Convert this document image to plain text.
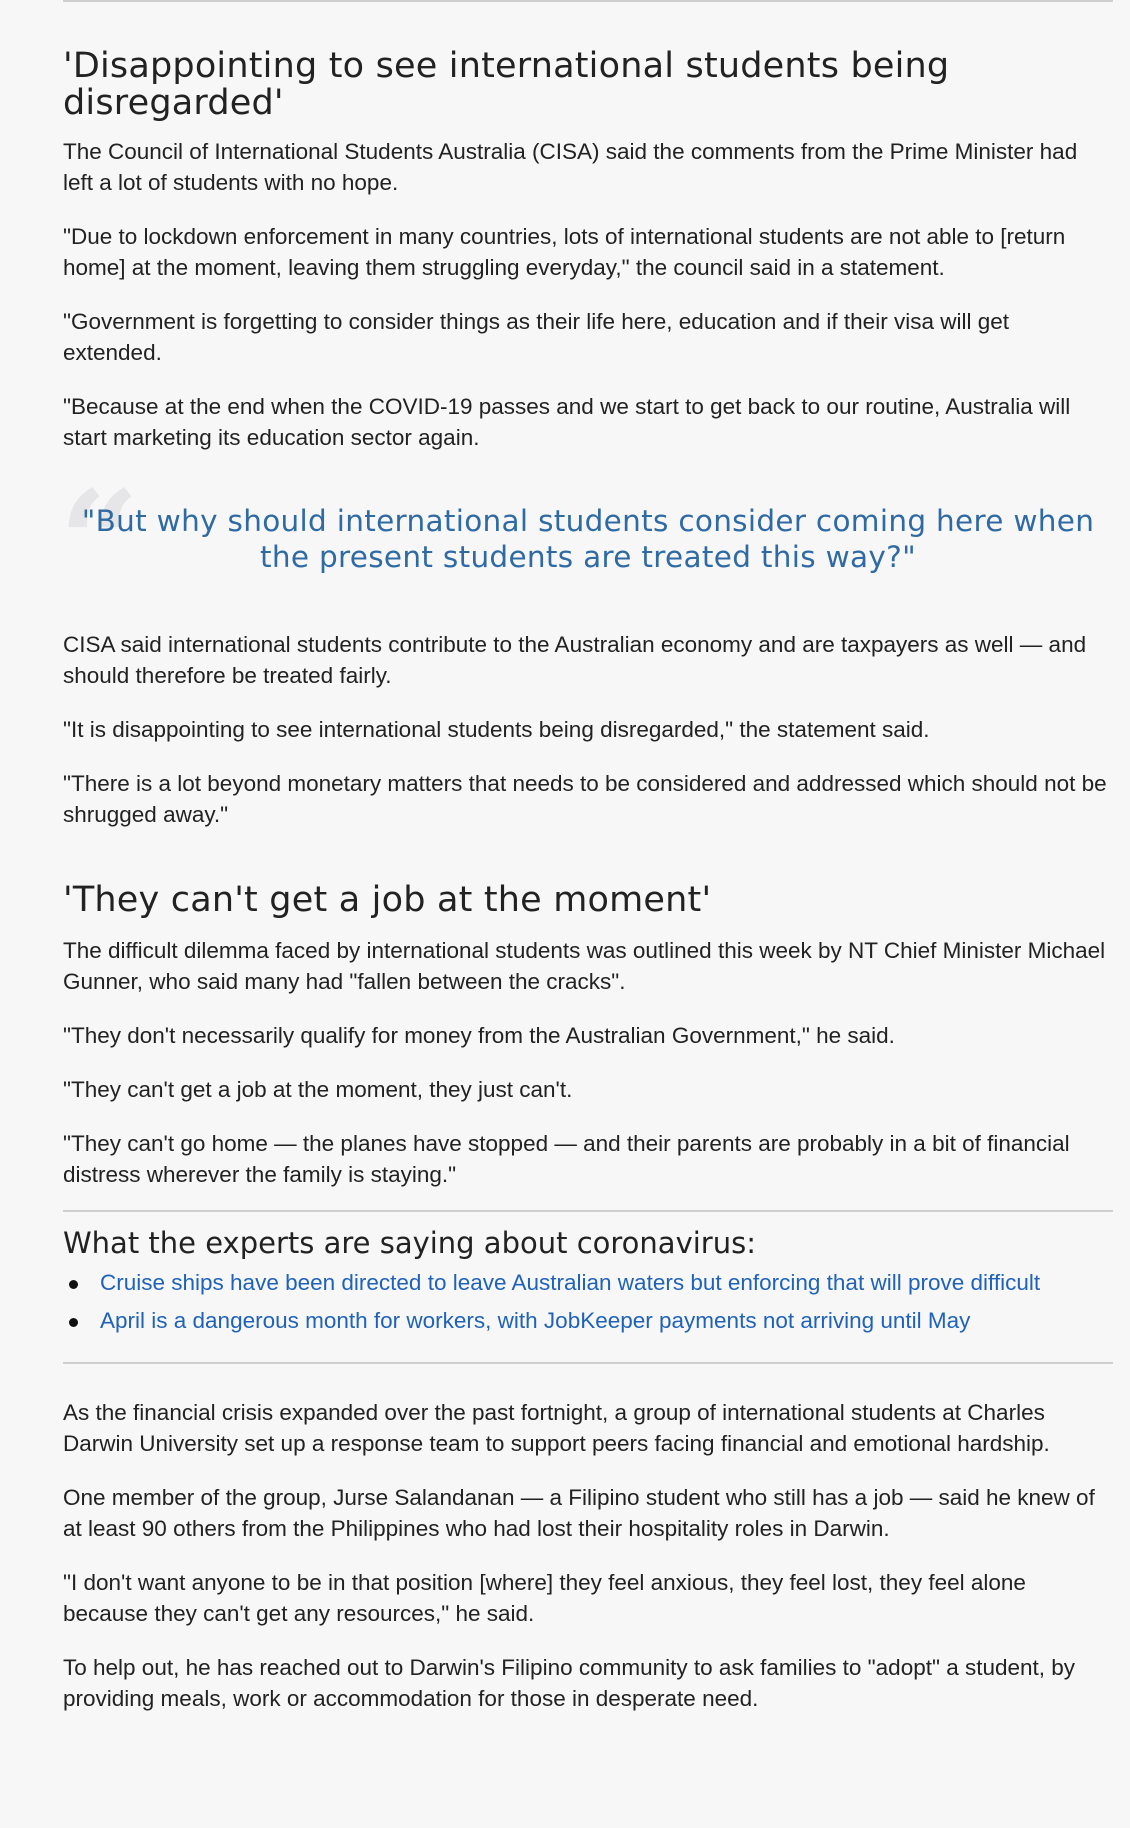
'Disappointing to see international students being disregarded'

The Council of International Students Australia (CISA) said the comments from the Prime Minister had left a lot of students with no hope.

"Due to lockdown enforcement in many countries, lots of international students are not able to [return home] at the moment, leaving them struggling everyday," the council said in a statement.

"Government is forgetting to consider things as their life here, education and if their visa will get extended.

"Because at the end when the COVID-19 passes and we start to get back to our routine, Australia will start marketing its education sector again.

“

"But why should international students consider coming here when the present students are treated this way?"

CISA said international students contribute to the Australian economy and are taxpayers as well — and should therefore be treated fairly.

"It is disappointing to see international students being disregarded," the statement said.

"There is a lot beyond monetary matters that needs to be considered and addressed which should not be shrugged away."

'They can't get a job at the moment'

The difficult dilemma faced by international students was outlined this week by NT Chief Minister Michael Gunner, who said many had "fallen between the cracks".

"They don't necessarily qualify for money from the Australian Government," he said.

"They can't get a job at the moment, they just can't.

"They can't go home — the planes have stopped — and their parents are probably in a bit of financial distress wherever the family is staying."

What the experts are saying about coronavirus:
Cruise ships have been directed to leave Australian waters but enforcing that will prove difficult
April is a dangerous month for workers, with JobKeeper payments not arriving until May

As the financial crisis expanded over the past fortnight, a group of international students at Charles Darwin University set up a response team to support peers facing financial and emotional hardship.

One member of the group, Jurse Salandanan — a Filipino student who still has a job — said he knew of at least 90 others from the Philippines who had lost their hospitality roles in Darwin.

"I don't want anyone to be in that position [where] they feel anxious, they feel lost, they feel alone because they can't get any resources," he said.

To help out, he has reached out to Darwin's Filipino community to ask families to "adopt" a student, by providing meals, work or accommodation for those in desperate need.
